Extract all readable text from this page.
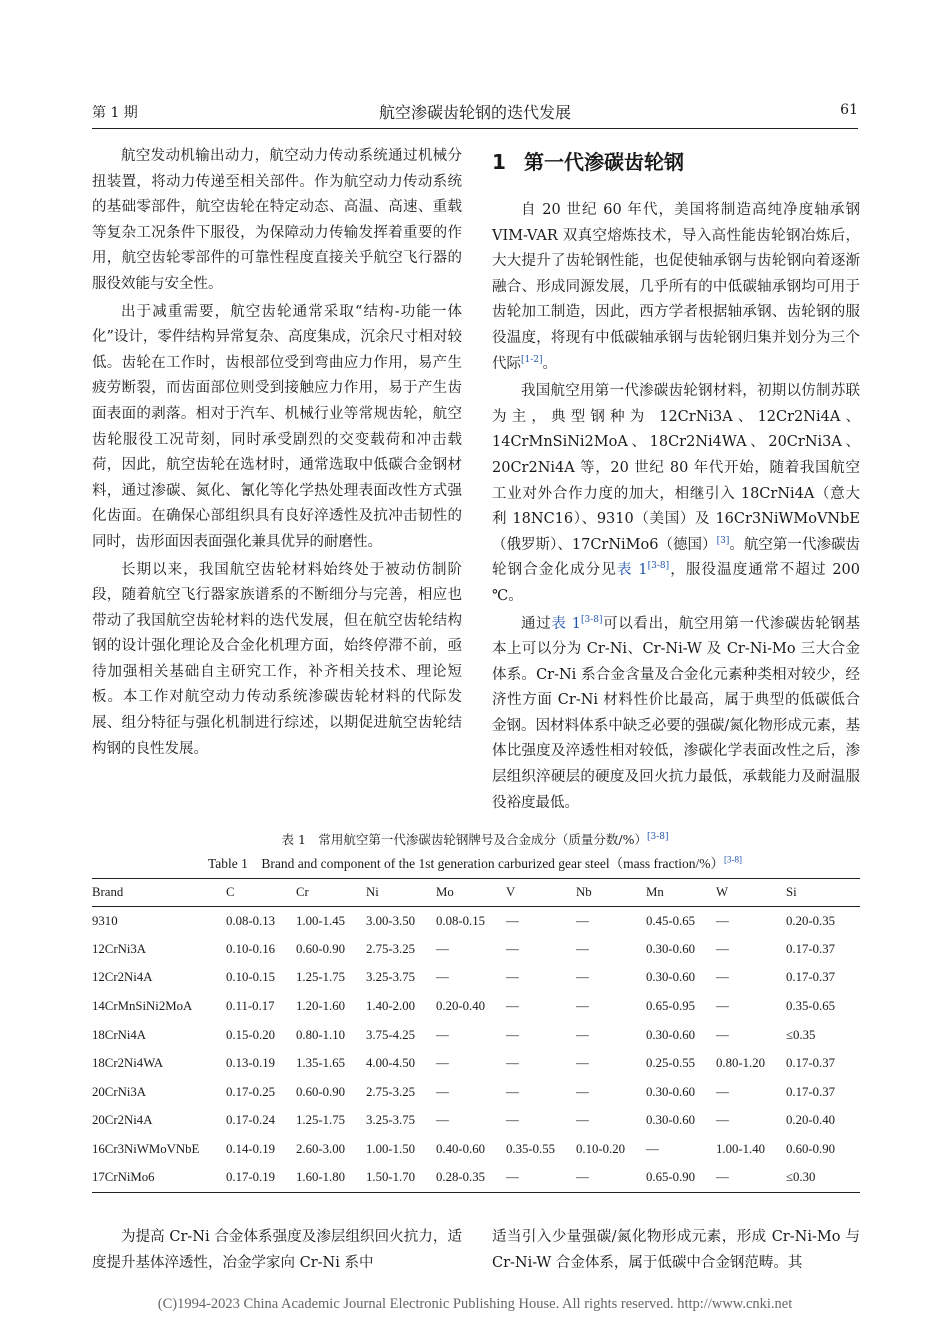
第 1 期	航空渗碳齿轮钢的迭代发展	61

航空发动机输出动力，航空动力传动系统通过机械分扭装置，将动力传递至相关部件。作为航空动力传动系统的基础零部件，航空齿轮在特定动态、高温、高速、重载等复杂工况条件下服役，为保障动力传输发挥着重要的作用，航空齿轮零部件的可靠性程度直接关乎航空飞行器的服役效能与安全性。

出于减重需要，航空齿轮通常采取“结构-功能一体化”设计，零件结构异常复杂、高度集成，沉余尺寸相对较低。齿轮在工作时，齿根部位受到弯曲应力作用，易产生疲劳断裂，而齿面部位则受到接触应力作用，易于产生齿面表面的剥落。相对于汽车、机械行业等常规齿轮，航空齿轮服役工况苛刻，同时承受剧烈的交变载荷和冲击载荷，因此，航空齿轮在选材时，通常选取中低碳合金钢材料，通过渗碳、氮化、氰化等化学热处理表面改性方式强化齿面。在确保心部组织具有良好淬透性及抗冲击韧性的同时，齿形面因表面强化兼具优异的耐磨性。

长期以来，我国航空齿轮材料始终处于被动仿制阶段，随着航空飞行器家族谱系的不断细分与完善，相应也带动了我国航空齿轮材料的迭代发展，但在航空齿轮结构钢的设计强化理论及合金化机理方面，始终停滞不前，亟待加强相关基础自主研究工作，补齐相关技术、理论短板。本工作对航空动力传动系统渗碳齿轮材料的代际发展、组分特征与强化机制进行综述，以期促进航空齿轮结构钢的良性发展。

1 第一代渗碳齿轮钢

自 20 世纪 60 年代，美国将制造高纯净度轴承钢 VIM-VAR 双真空熔炼技术，导入高性能齿轮钢冶炼后，大大提升了齿轮钢性能，也促使轴承钢与齿轮钢向着逐渐融合、形成同源发展，几乎所有的中低碳轴承钢均可用于齿轮加工制造，因此，西方学者根据轴承钢、齿轮钢的服役温度，将现有中低碳轴承钢与齿轮钢归集并划分为三个代际[1-2]。

我国航空用第一代渗碳齿轮钢材料，初期以仿制苏联为主，典型钢种为 12CrNi3A、12Cr2Ni4A、14CrMnSiNi2MoA、18Cr2Ni4WA、20CrNi3A、20Cr2Ni4A 等，20 世纪 80 年代开始，随着我国航空工业对外合作力度的加大，相继引入 18CrNi4A（意大利 18NC16）、9310（美国）及 16Cr3NiWMoVNbE（俄罗斯）、17CrNiMo6（德国）[3]。航空第一代渗碳齿轮钢合金化成分见表 1[3-8]，服役温度通常不超过 200 ℃。

通过表 1[3-8]可以看出，航空用第一代渗碳齿轮钢基本上可以分为 Cr-Ni、Cr-Ni-W 及 Cr-Ni-Mo 三大合金体系。Cr-Ni 系合金含量及合金化元素种类相对较少，经济性方面 Cr-Ni 材料性价比最高，属于典型的低碳低合金钢。因材料体系中缺乏必要的强碳/氮化物形成元素，基体比强度及淬透性相对较低，渗碳化学表面改性之后，渗层组织淬硬层的硬度及回火抗力最低，承载能力及耐温服役裕度最低。

表 1　常用航空第一代渗碳齿轮钢牌号及合金成分（质量分数/%）[3-8]
Table 1　Brand and component of the 1st generation carburized gear steel（mass fraction/%）[3-8]
Brand	C	Cr	Ni	Mo	V	Nb	Mn	W	Si
9310	0.08-0.13	1.00-1.45	3.00-3.50	0.08-0.15	—	—	0.45-0.65	—	0.20-0.35
12CrNi3A	0.10-0.16	0.60-0.90	2.75-3.25	—	—	—	0.30-0.60	—	0.17-0.37
12Cr2Ni4A	0.10-0.15	1.25-1.75	3.25-3.75	—	—	—	0.30-0.60	—	0.17-0.37
14CrMnSiNi2MoA	0.11-0.17	1.20-1.60	1.40-2.00	0.20-0.40	—	—	0.65-0.95	—	0.35-0.65
18CrNi4A	0.15-0.20	0.80-1.10	3.75-4.25	—	—	—	0.30-0.60	—	≤0.35
18Cr2Ni4WA	0.13-0.19	1.35-1.65	4.00-4.50	—	—	—	0.25-0.55	0.80-1.20	0.17-0.37
20CrNi3A	0.17-0.25	0.60-0.90	2.75-3.25	—	—	—	0.30-0.60	—	0.17-0.37
20Cr2Ni4A	0.17-0.24	1.25-1.75	3.25-3.75	—	—	—	0.30-0.60	—	0.20-0.40
16Cr3NiWMoVNbE	0.14-0.19	2.60-3.00	1.00-1.50	0.40-0.60	0.35-0.55	0.10-0.20	—	1.00-1.40	0.60-0.90
17CrNiMo6	0.17-0.19	1.60-1.80	1.50-1.70	0.28-0.35	—	—	0.65-0.90	—	≤0.30

为提高 Cr-Ni 合金体系强度及渗层组织回火抗力，适度提升基体淬透性，冶金学家向 Cr-Ni 系中

适当引入少量强碳/氮化物形成元素，形成 Cr-Ni-Mo 与 Cr-Ni-W 合金体系，属于低碳中合金钢范畴。其

(C)1994-2023 China Academic Journal Electronic Publishing House. All rights reserved. http://www.cnki.net
